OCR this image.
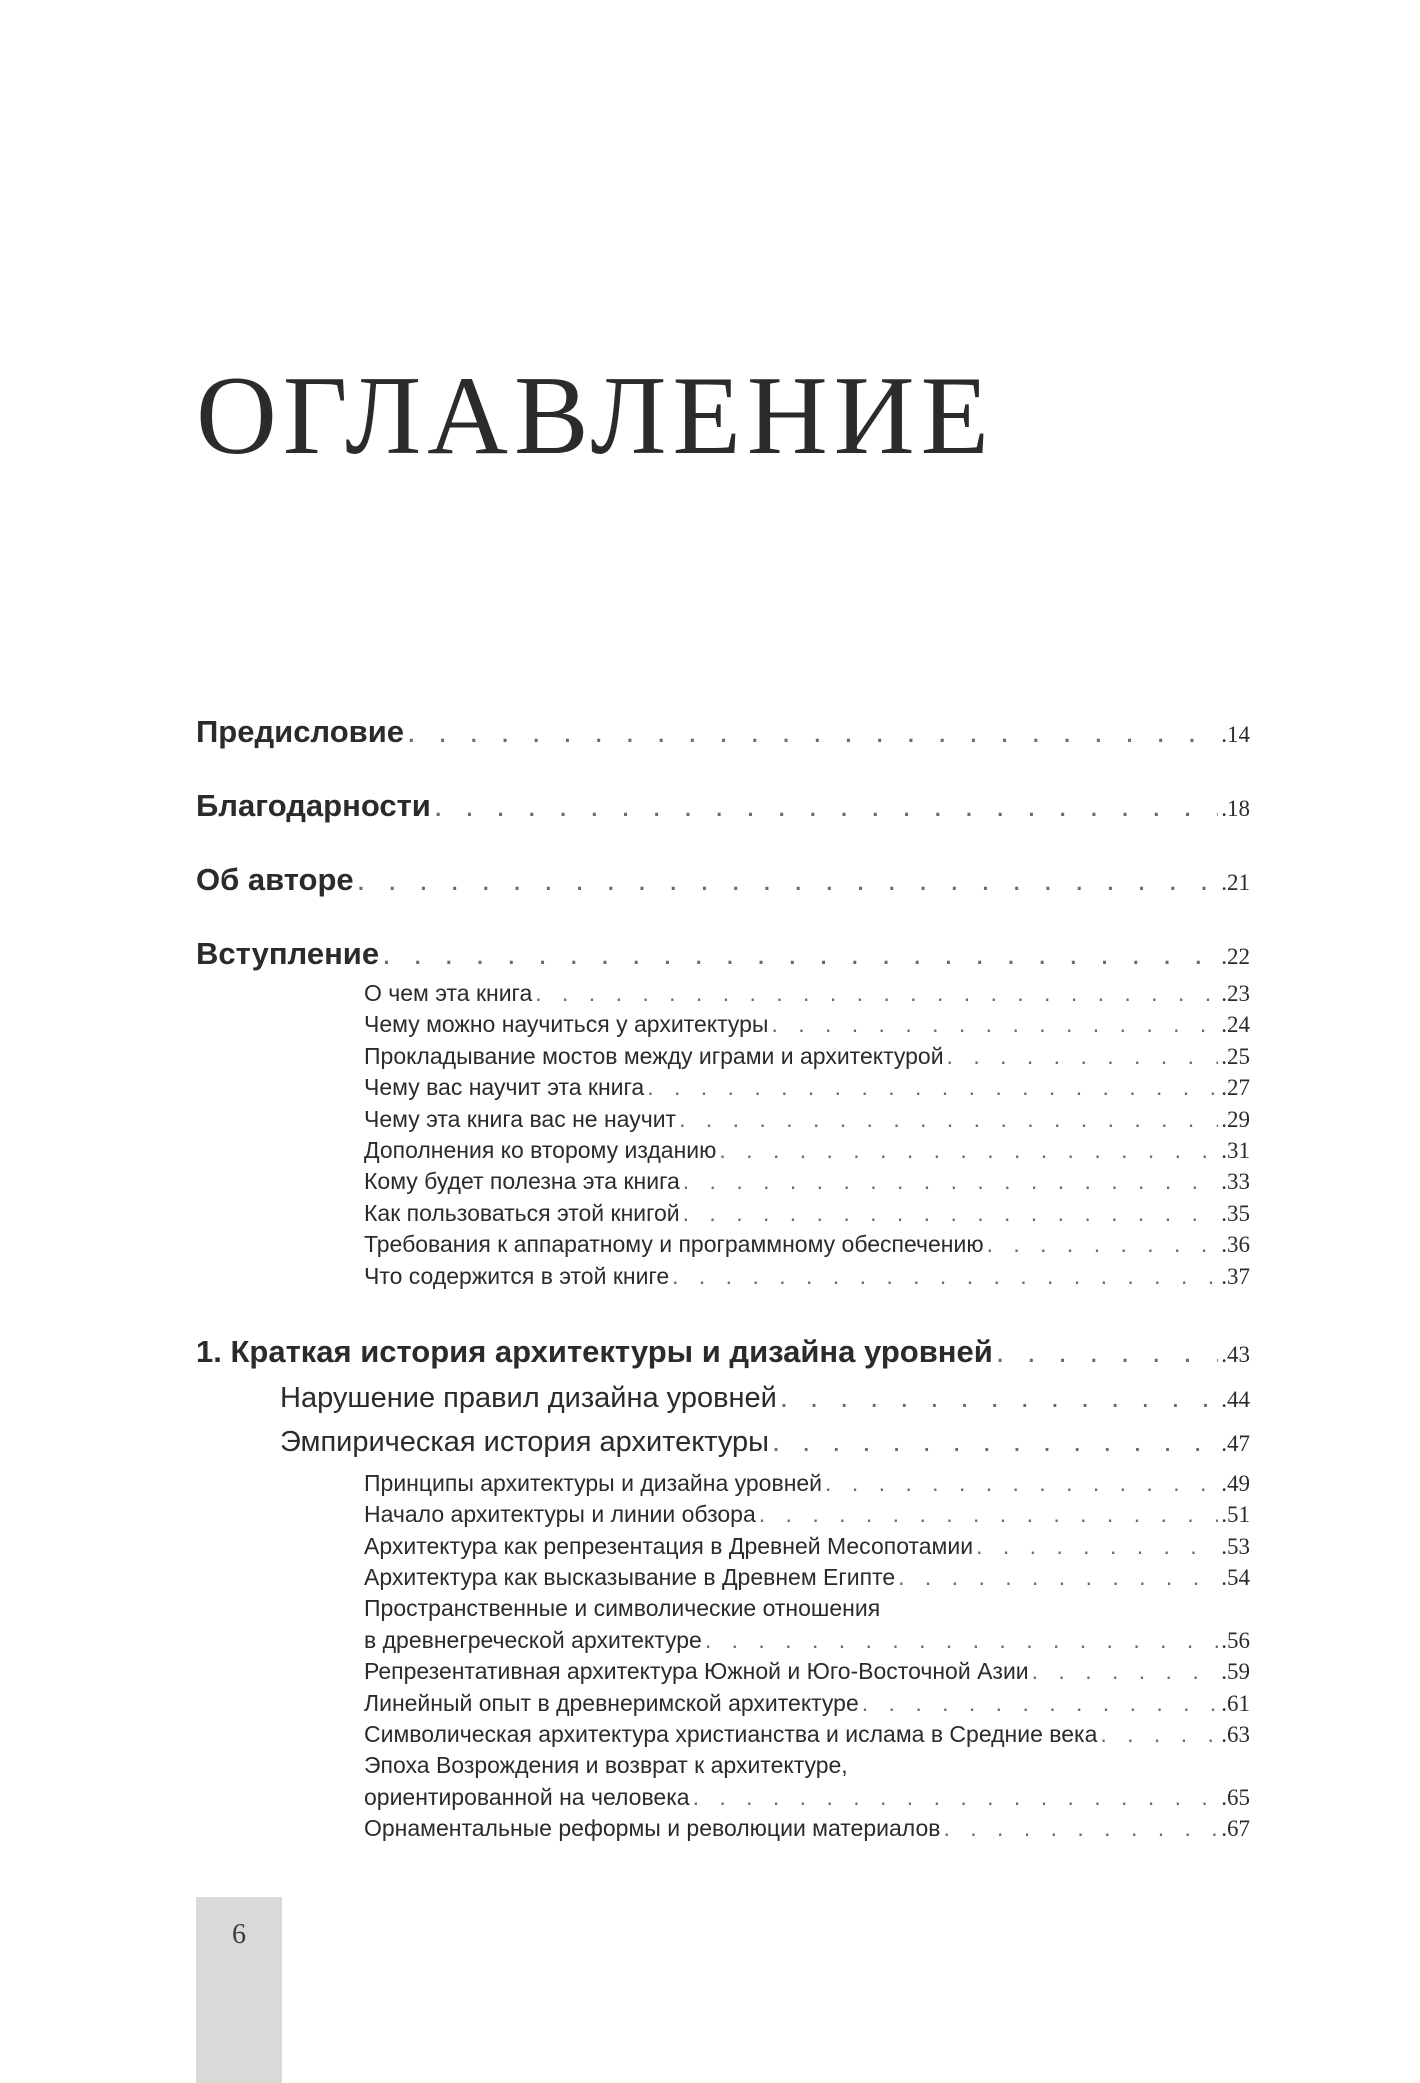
ОГЛАВЛЕНИЕ
Предисловие . . .	.14
Благодарности . . .	.18
Об авторе . . .	.21
Вступление . . .	.22
О чем эта книга . . .	.23
Чему можно научиться у архитектуры . . .	.24
Прокладывание мостов между играми и архитектурой . . .	.25
Чему вас научит эта книга . . .	.27
Чему эта книга вас не научит . . .	.29
Дополнения ко второму изданию . . .	.31
Кому будет полезна эта книга . . .	.33
Как пользоваться этой книгой . . .	.35
Требования к аппаратному и программному обеспечению . . .	.36
Что содержится в этой книге . . .	.37
1. Краткая история архитектуры и дизайна уровней . . .	.43
Нарушение правил дизайна уровней . . .	.44
Эмпирическая история архитектуры . . .	.47
Принципы архитектуры и дизайна уровней . . .	.49
Начало архитектуры и линии обзора . . .	.51
Архитектура как репрезентация в Древней Месопотамии . . .	.53
Архитектура как высказывание в Древнем Египте . . .	.54
Пространственные и символические отношения
в древнегреческой архитектуре . . .	.56
Репрезентативная архитектура Южной и Юго-Восточной Азии . . .	.59
Линейный опыт в древнеримской архитектуре . . .	.61
Символическая архитектура христианства и ислама в Средние века . . .	.63
Эпоха Возрождения и возврат к архитектуре,
ориентированной на человека . . .	.65
Орнаментальные реформы и революции материалов . . .	.67
6
